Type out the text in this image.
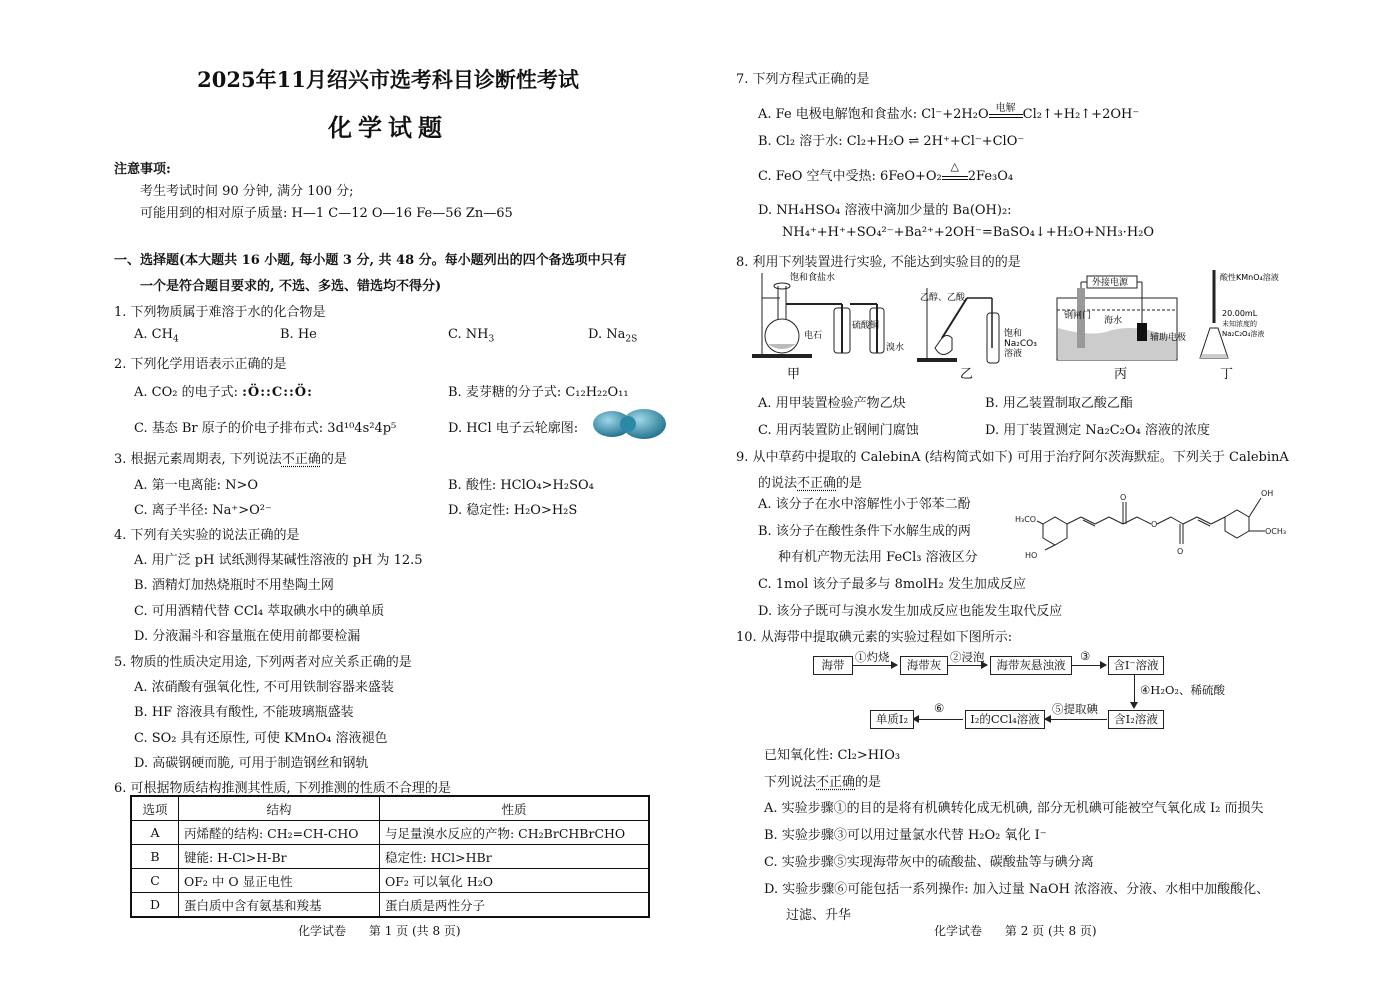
2025年11月绍兴市选考科目诊断性考试
化学试题
注意事项:
考生考试时间 90 分钟, 满分 100 分;
可能用到的相对原子质量: H—1 C—12 O—16 Fe—56 Zn—65
一、选择题(本大题共 16 小题, 每小题 3 分, 共 48 分。每小题列出的四个备选项中只有
一个是符合题目要求的, 不选、多选、错选均不得分)
1. 下列物质属于难溶于水的化合物是
A. $CH_4$	B. He	C. $NH_3$	D. $Na_{2S}$
2. 下列化学用语表示正确的是
A. CO₂ 的电子式: :Ö::C::Ö:	B. 麦芽糖的分子式: C₁₂H₂₂O₁₁
C. 基态 Br 原子的价电子排布式: 3d¹⁰4s²4p⁵	D. HCl 电子云轮廓图:
3. 根据元素周期表, 下列说法不正确的是
A. 第一电离能: N>O	B. 酸性: HClO₄>H₂SO₄
C. 离子半径: Na⁺>O²⁻	D. 稳定性: H₂O>H₂S
4. 下列有关实验的说法正确的是
A. 用广泛 pH 试纸测得某碱性溶液的 pH 为 12.5
B. 酒精灯加热烧瓶时不用垫陶土网
C. 可用酒精代替 CCl₄ 萃取碘水中的碘单质
D. 分液漏斗和容量瓶在使用前都要检漏
5. 物质的性质决定用途, 下列两者对应关系正确的是
A. 浓硝酸有强氧化性, 不可用铁制容器来盛装
B. HF 溶液具有酸性, 不能玻璃瓶盛装
C. SO₂ 具有还原性, 可使 KMnO₄ 溶液褪色
D. 高碳钢硬而脆, 可用于制造钢丝和钢轨
6. 可根据物质结构推测其性质, 下列推测的性质不合理的是
选项	结构	性质
A	丙烯醛的结构: CH₂=CH-CHO	与足量溴水反应的产物: CH₂BrCHBrCHO
B	键能: H-Cl>H-Br	稳定性: HCl>HBr
C	OF₂ 中 O 显正电性	OF₂ 可以氧化 H₂O
D	蛋白质中含有氨基和羧基	蛋白质是两性分子
化学试卷      第 1 页 (共 8 页)
7. 下列方程式正确的是
A. Fe 电极电解饱和食盐水: Cl⁻+2H₂O 电解 Cl₂↑+H₂↑+2OH⁻
B. Cl₂ 溶于水: Cl₂+H₂O ⇌ 2H⁺+Cl⁻+ClO⁻
C. FeO 空气中受热: 6FeO+O₂
△
2Fe₃O₄
D. NH₄HSO₄ 溶液中滴加少量的 Ba(OH)₂:
NH₄⁺+H⁺+SO₄²⁻+Ba²⁺+2OH⁻=BaSO₄↓+H₂O+NH₃·H₂O
8. 利用下列装置进行实验, 不能达到实验目的的是
饱和食盐水
电石
硫酸铜
溴水
甲
乙醇、乙酸
饱和
Na₂CO₃
溶液
乙
外接电源
钢闸门 海水
辅助电极
丙
酸性KMnO₄溶液
20.00mL
未知浓度的
Na₂C₂O₄溶液
丁
A. 用甲装置检验产物乙炔	B. 用乙装置制取乙酸乙酯
C. 用丙装置防止钢闸门腐蚀	D. 用丁装置测定 Na₂C₂O₄ 溶液的浓度
9. 从中草药中提取的 CalebinA (结构简式如下) 可用于治疗阿尔茨海默症。下列关于 CalebinA
的说法不正确的是
A. 该分子在水中溶解性小于邻苯二酚
B. 该分子在酸性条件下水解生成的两
种有机产物无法用 FeCl₃ 溶液区分
C. 1mol 该分子最多与 8molH₂ 发生加成反应
D. 该分子既可与溴水发生加成反应也能发生取代反应
H₃CO
HO
O
O
O
OH
OCH₃
10. 从海带中提取碘元素的实验过程如下图所示:
海带
①灼烧
海带灰
②浸泡
海带灰悬浊液
③
含I⁻溶液
④H₂O₂、稀硫酸
含I₂溶液
⑤提取碘
I₂的CCl₄溶液
⑥
单质I₂
已知氧化性: Cl₂>HIO₃
下列说法不正确的是
A. 实验步骤①的目的是将有机碘转化成无机碘, 部分无机碘可能被空气氧化成 I₂ 而损失
B. 实验步骤③可以用过量氯水代替 H₂O₂ 氧化 I⁻
C. 实验步骤⑤实现海带灰中的硫酸盐、碳酸盐等与碘分离
D. 实验步骤⑥可能包括一系列操作: 加入过量 NaOH 浓溶液、分液、水相中加酸酸化、
过滤、升华
化学试卷      第 2 页 (共 8 页)
